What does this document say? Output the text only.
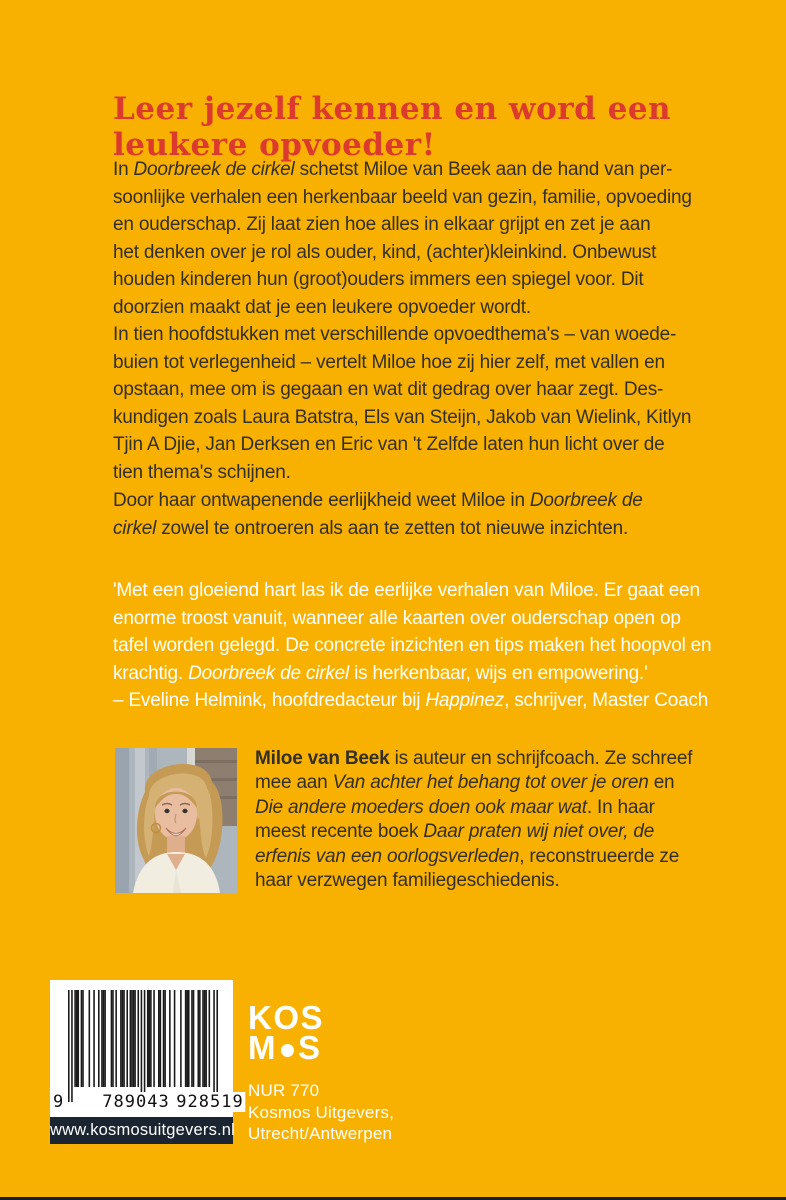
Leer jezelf kennen en word een
leukere opvoeder!
In Doorbreek de cirkel schetst Miloe van Beek aan de hand van per-
soonlijke verhalen een herkenbaar beeld van gezin, familie, opvoeding
en ouderschap. Zij laat zien hoe alles in elkaar grijpt en zet je aan
het denken over je rol als ouder, kind, (achter)kleinkind. Onbewust
houden kinderen hun (groot)ouders immers een spiegel voor. Dit
doorzien maakt dat je een leukere opvoeder wordt.
In tien hoofdstukken met verschillende opvoedthema's – van woede-
buien tot verlegenheid – vertelt Miloe hoe zij hier zelf, met vallen en
opstaan, mee om is gegaan en wat dit gedrag over haar zegt. Des-
kundigen zoals Laura Batstra, Els van Steijn, Jakob van Wielink, Kitlyn
Tjin A Djie, Jan Derksen en Eric van 't Zelfde laten hun licht over de
tien thema's schijnen.
Door haar ontwapenende eerlijkheid weet Miloe in Doorbreek de
cirkel zowel te ontroeren als aan te zetten tot nieuwe inzichten.
'Met een gloeiend hart las ik de eerlijke verhalen van Miloe. Er gaat een
enorme troost vanuit, wanneer alle kaarten over ouderschap open op
tafel worden gelegd. De concrete inzichten en tips maken het hoopvol en
krachtig. Doorbreek de cirkel is herkenbaar, wijs en empowering.'
– Eveline Helmink, hoofdredacteur bij Happinez, schrijver, Master Coach
Miloe van Beek is auteur en schrijfcoach. Ze schreef
mee aan Van achter het behang tot over je oren en
Die andere moeders doen ook maar wat. In haar
meest recente boek Daar praten wij niet over, de
erfenis van een oorlogsverleden, reconstrueerde ze
haar verzwegen familiegeschiedenis.
9 789043 928519
www.kosmosuitgevers.nl
KOS
M S
NUR 770
Kosmos Uitgevers,
Utrecht/Antwerpen
